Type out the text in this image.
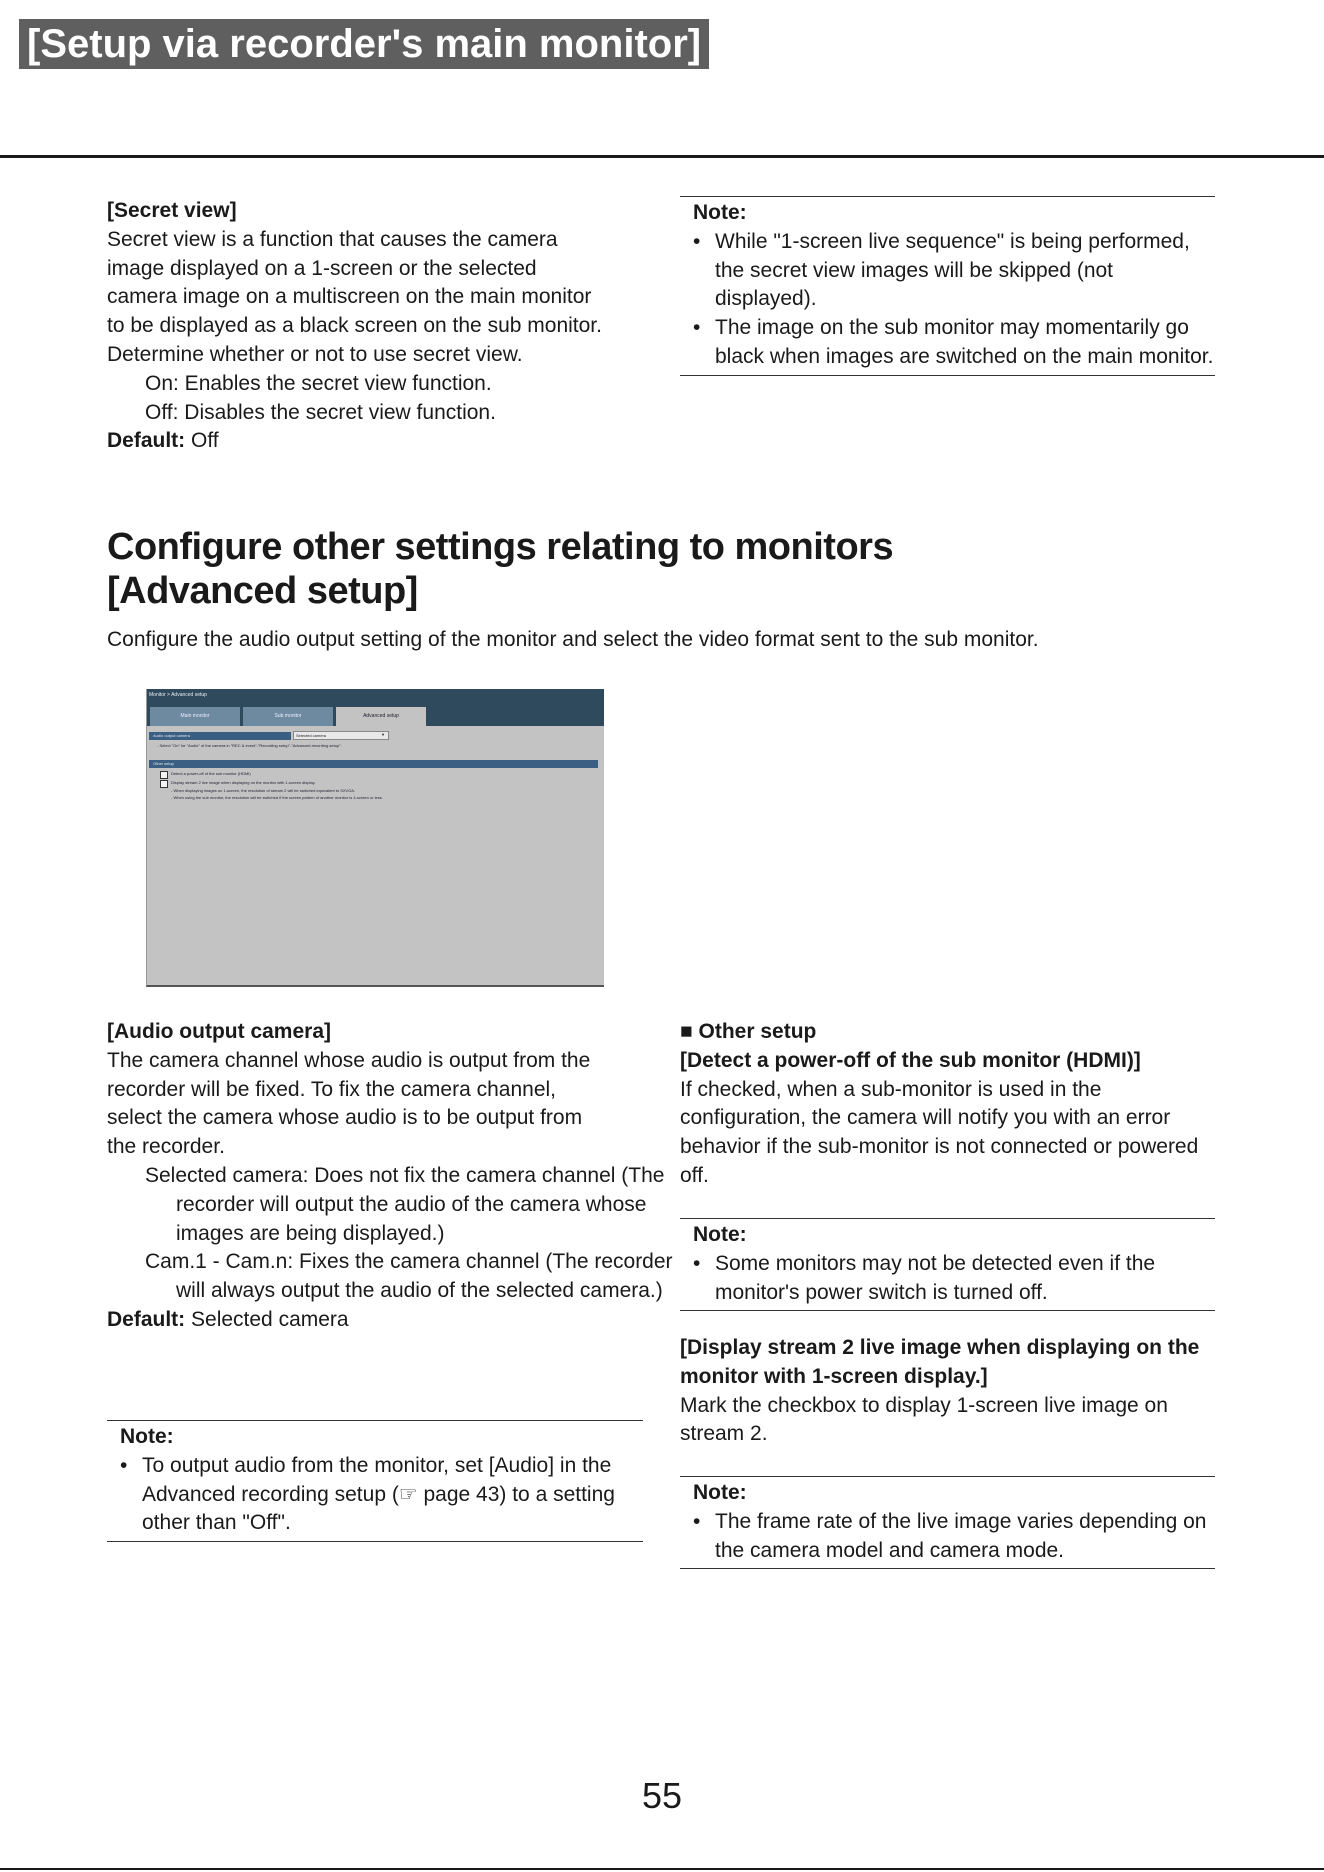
[Setup via recorder's main monitor]

[Secret view]

Secret view is a function that causes the camera

image displayed on a 1-screen or the selected

camera image on a multiscreen on the main monitor

to be displayed as a black screen on the sub monitor.

Determine whether or not to use secret view.

On: Enables the secret view function.

Off: Disables the secret view function.

Default: Off

Note:
• While "1-screen live sequence" is being performed, the secret view images will be skipped (not displayed).
• The image on the sub monitor may momentarily go black when images are switched on the main monitor.
Configure other settings relating to monitors
[Advanced setup]
Configure the audio output setting of the monitor and select the video format sent to the sub monitor.
Monitor > Advanced setup
Main monitor	Sub monitor	Advanced setup
Audio output camera	Selected camera	▼
- Select "On" for "Audio" of the camera in "REC & event"-"Recording setup"-"Advanced recording setup".
Other setup
Detect a power-off of the sub monitor (HDMI)
Display stream 2 live image when displaying on the monitor with 1-screen display.
- When displaying images on 1-screen, the resolution of stream 2 will be switched equivalent to SXVGA.
- When using the sub monitor, the resolution will be switched if the screen pattern of another monitor is 4-screen or less.

[Audio output camera]

The camera channel whose audio is output from the

recorder will be fixed. To fix the camera channel,

select the camera whose audio is to be output from

the recorder.

Selected camera: Does not fix the camera channel (The recorder will output the audio of the camera whose images are being displayed.)

Cam.1 - Cam.n: Fixes the camera channel (The recorder will always output the audio of the selected camera.)

Default: Selected camera

Note:
• To output audio from the monitor, set [Audio] in the Advanced recording setup (☞ page 43) to a setting other than "Off".

■ Other setup

[Detect a power-off of the sub monitor (HDMI)]

If checked, when a sub-monitor is used in the configuration, the camera will notify you with an error behavior if the sub-monitor is not connected or powered off.

Note:
• Some monitors may not be detected even if the monitor's power switch is turned off.

[Display stream 2 live image when displaying on the monitor with 1-screen display.]

Mark the checkbox to display 1-screen live image on stream 2.

Note:
• The frame rate of the live image varies depending on the camera model and camera mode.
55
